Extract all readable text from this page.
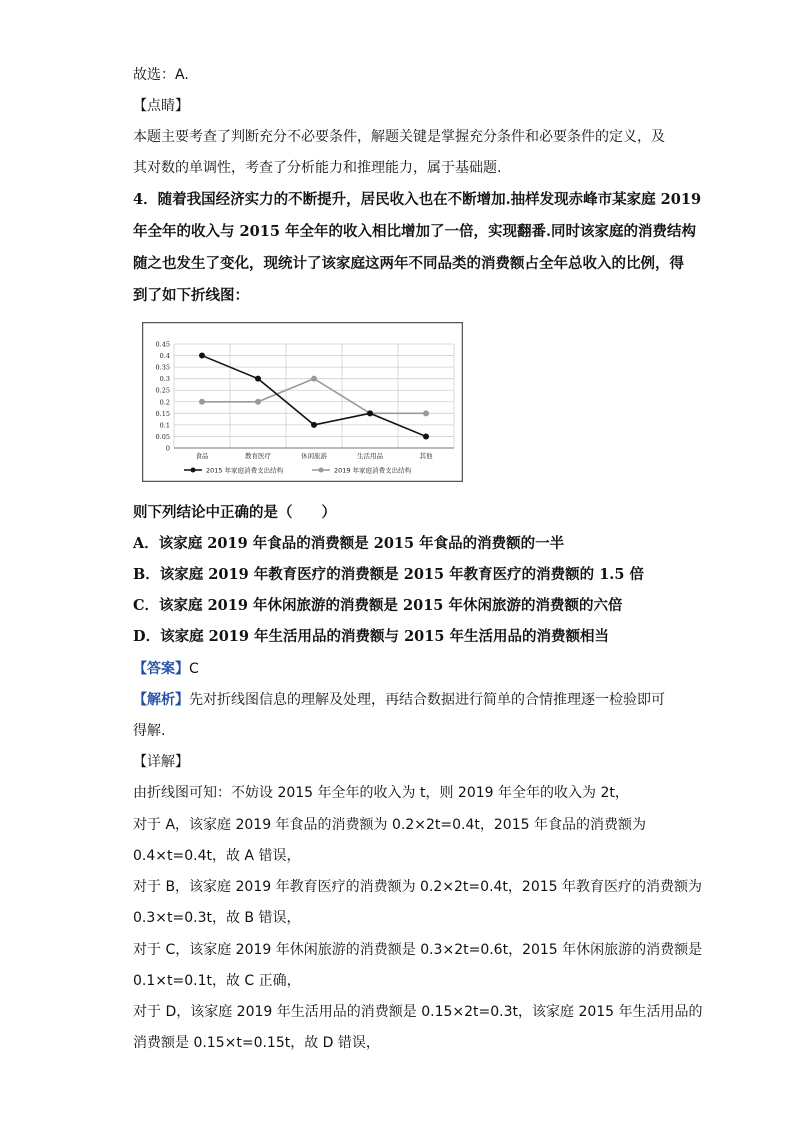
故选：A.
【点睛】
本题主要考查了判断充分不必要条件，解题关键是掌握充分条件和必要条件的定义，及
其对数的单调性，考查了分析能力和推理能力，属于基础题.
4．随着我国经济实力的不断提升，居民收入也在不断增加.抽样发现赤峰市某家庭 2019
年全年的收入与 2015 年全年的收入相比增加了一倍，实现翻番.同时该家庭的消费结构
随之也发生了变化，现统计了该家庭这两年不同品类的消费额占全年总收入的比例，得
到了如下折线图：
0
0.05
0.1
0.15
0.2
0.25
0.3
0.35
0.4
0.45
食品	教育医疗	休闲旅游	生活用品	其他
2015 年家庭消费支出结构	2019 年家庭消费支出结构
则下列结论中正确的是（　　）
A．该家庭 2019 年食品的消费额是 2015 年食品的消费额的一半
B．该家庭 2019 年教育医疗的消费额是 2015 年教育医疗的消费额的 1.5 倍
C．该家庭 2019 年休闲旅游的消费额是 2015 年休闲旅游的消费额的六倍
D．该家庭 2019 年生活用品的消费额与 2015 年生活用品的消费额相当
【答案】C
【解析】先对折线图信息的理解及处理，再结合数据进行简单的合情推理逐一检验即可
得解.
【详解】
由折线图可知：不妨设 2015 年全年的收入为 t，则 2019 年全年的收入为 2t，
对于 A，该家庭 2019 年食品的消费额为 0.2×2t=0.4t，2015 年食品的消费额为
0.4×t=0.4t，故 A 错误，
对于 B，该家庭 2019 年教育医疗的消费额为 0.2×2t=0.4t，2015 年教育医疗的消费额为
0.3×t=0.3t，故 B 错误，
对于 C，该家庭 2019 年休闲旅游的消费额是 0.3×2t=0.6t，2015 年休闲旅游的消费额是
0.1×t=0.1t，故 C 正确，
对于 D，该家庭 2019 年生活用品的消费额是 0.15×2t=0.3t，该家庭 2015 年生活用品的
消费额是 0.15×t=0.15t，故 D 错误，
